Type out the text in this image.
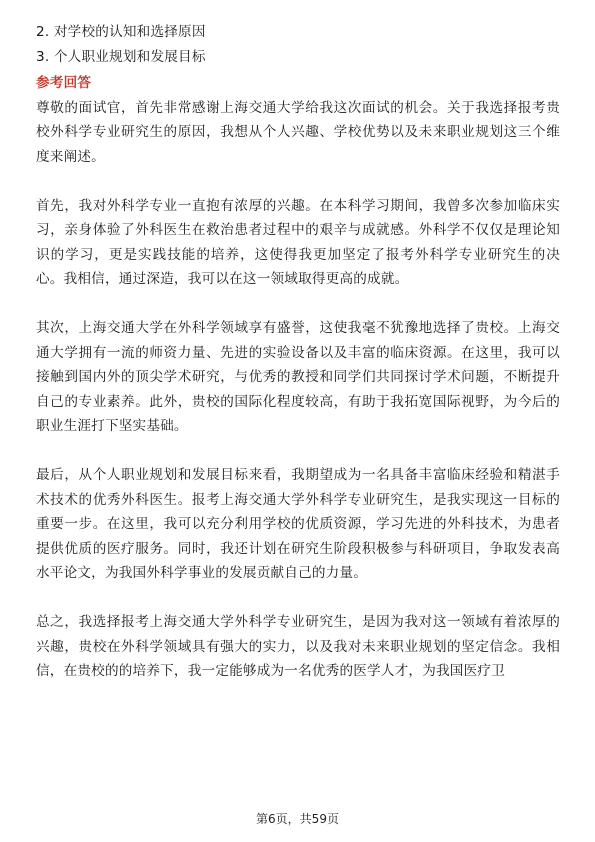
2. 对学校的认知和选择原因

3. 个人职业规划和发展目标

参考回答

尊敬的面试官，首先非常感谢上海交通大学给我这次面试的机会。关于我选择报考贵校外科学专业研究生的原因，我想从个人兴趣、学校优势以及未来职业规划这三个维度来阐述。

首先，我对外科学专业一直抱有浓厚的兴趣。在本科学习期间，我曾多次参加临床实习，亲身体验了外科医生在救治患者过程中的艰辛与成就感。外科学不仅仅是理论知识的学习，更是实践技能的培养，这使得我更加坚定了报考外科学专业研究生的决心。我相信，通过深造，我可以在这一领域取得更高的成就。

其次，上海交通大学在外科学领域享有盛誉，这使我毫不犹豫地选择了贵校。上海交通大学拥有一流的师资力量、先进的实验设备以及丰富的临床资源。在这里，我可以接触到国内外的顶尖学术研究，与优秀的教授和同学们共同探讨学术问题，不断提升自己的专业素养。此外，贵校的国际化程度较高，有助于我拓宽国际视野，为今后的职业生涯打下坚实基础。

最后，从个人职业规划和发展目标来看，我期望成为一名具备丰富临床经验和精湛手术技术的优秀外科医生。报考上海交通大学外科学专业研究生，是我实现这一目标的重要一步。在这里，我可以充分利用学校的优质资源，学习先进的外科技术，为患者提供优质的医疗服务。同时，我还计划在研究生阶段积极参与科研项目，争取发表高水平论文，为我国外科学事业的发展贡献自己的力量。

总之，我选择报考上海交通大学外科学专业研究生，是因为我对这一领域有着浓厚的兴趣，贵校在外科学领域具有强大的实力，以及我对未来职业规划的坚定信念。我相信，在贵校的的培养下，我一定能够成为一名优秀的医学人才，为我国医疗卫

第6页，共59页
